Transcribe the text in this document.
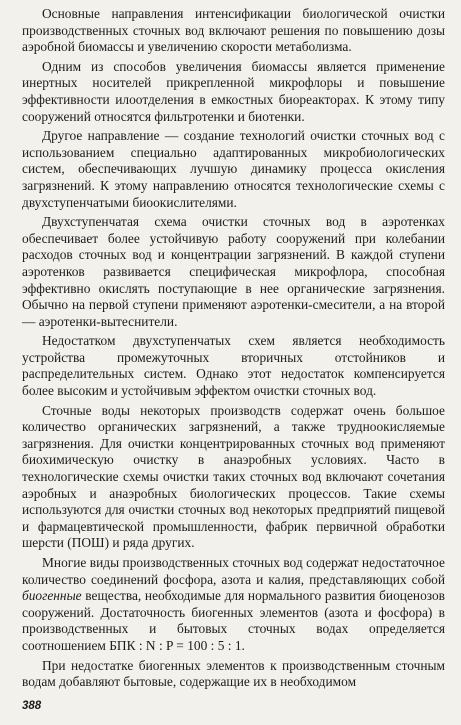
Основные направления интенсификации биологической очистки производственных сточных вод включают решения по повышению дозы аэробной биомассы и увеличению скорости метаболизма.

Одним из способов увеличения биомассы является применение инертных носителей прикрепленной микрофлоры и повышение эффективности илоотделения в емкостных биореакторах. К этому типу сооружений относятся фильтротенки и биотенки.

Другое направление — создание технологий очистки сточных вод с использованием специально адаптированных микробиологических систем, обеспечивающих лучшую динамику процесса окисления загрязнений. К этому направлению относятся технологические схемы с двухступенчатыми биоокислителями.

Двухступенчатая схема очистки сточных вод в аэротенках обеспечивает более устойчивую работу сооружений при колебании расходов сточных вод и концентрации загрязнений. В каждой ступени аэротенков развивается специфическая микрофлора, способная эффективно окислять поступающие в нее органические загрязнения. Обычно на первой ступени применяют аэротенки-смесители, а на второй — аэротенки-вытеснители.

Недостатком двухступенчатых схем является необходимость устройства промежуточных вторичных отстойников и распределительных систем. Однако этот недостаток компенсируется более высоким и устойчивым эффектом очистки сточных вод.

Сточные воды некоторых производств содержат очень большое количество органических загрязнений, а также трудноокисляемые загрязнения. Для очистки концентрированных сточных вод применяют биохимическую очистку в анаэробных условиях. Часто в технологические схемы очистки таких сточных вод включают сочетания аэробных и анаэробных биологических процессов. Такие схемы используются для очистки сточных вод некоторых предприятий пищевой и фармацевтической промышленности, фабрик первичной обработки шерсти (ПОШ) и ряда других.

Многие виды производственных сточных вод содержат недостаточное количество соединений фосфора, азота и калия, представляющих собой биогенные вещества, необходимые для нормального развития биоценозов сооружений. Достаточность биогенных элементов (азота и фосфора) в производственных и бытовых сточных водах определяется соотношением БПК : N : P = 100 : 5 : 1.

При недостатке биогенных элементов к производственным сточным водам добавляют бытовые, содержащие их в необходимом

388
